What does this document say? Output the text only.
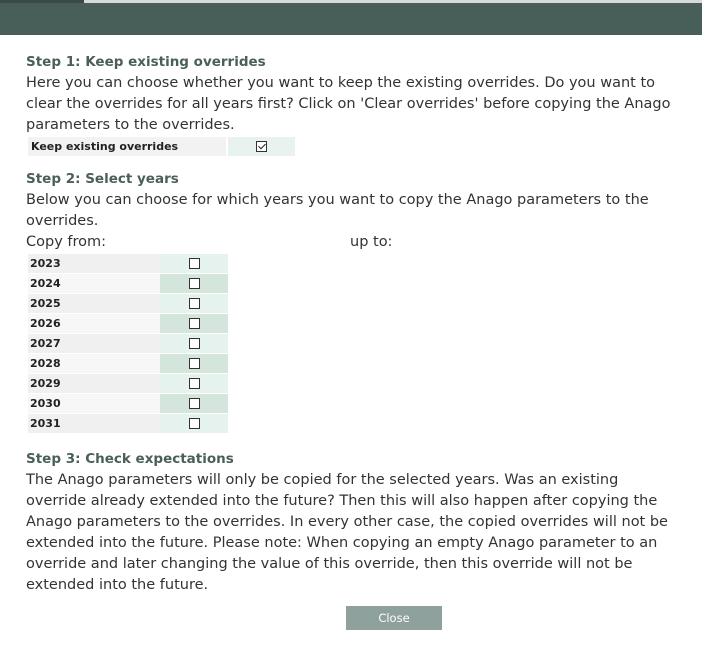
Step 1: Keep existing overrides

Here you can choose whether you want to keep the existing overrides. Do you want to clear the overrides for all years first? Click on 'Clear overrides' before copying the Anago parameters to the overrides.

Keep existing overrides

Step 2: Select years

Below you can choose for which years you want to copy the Anago parameters to the overrides.

Copy from:	up to:
2023
2024
2025
2026
2027
2028
2029
2030
2031

Step 3: Check expectations

The Anago parameters will only be copied for the selected years. Was an existing override already extended into the future? Then this will also happen after copying the Anago parameters to the overrides. In every other case, the copied overrides will not be extended into the future. Please note: When copying an empty Anago parameter to an override and later changing the value of this override, then this override will not be extended into the future.

Close
